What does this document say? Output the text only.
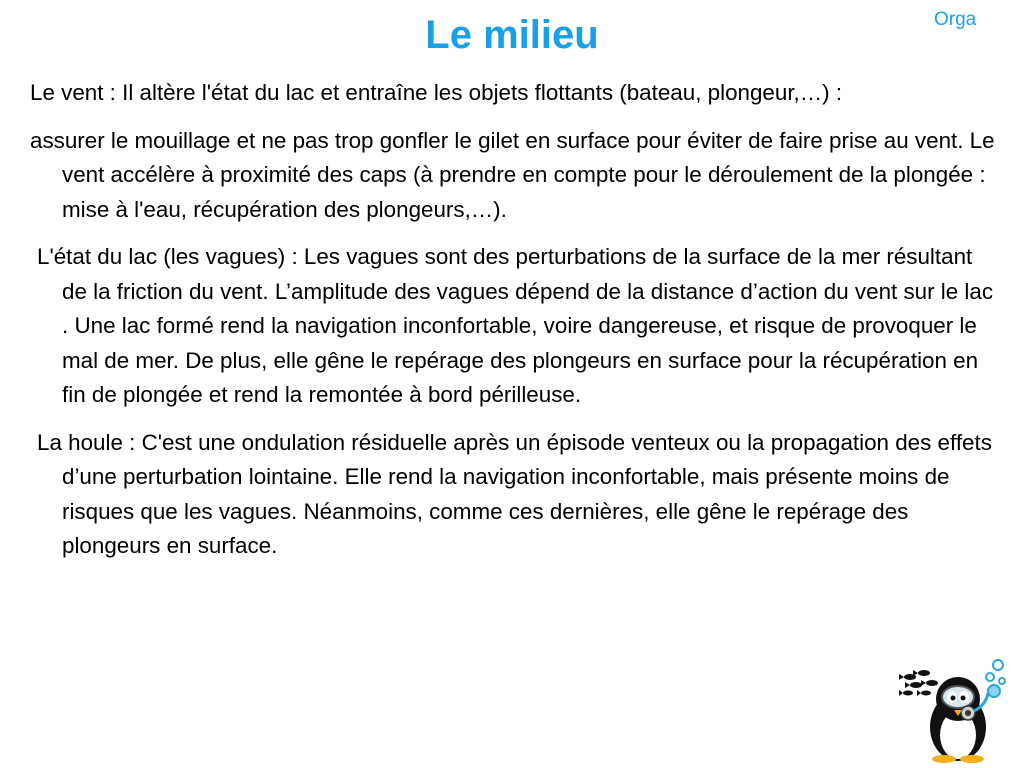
Le milieu	Orga

Le vent : Il altère l'état du lac et entraîne les objets flottants (bateau, plongeur,…) :

assurer le mouillage et ne pas trop gonfler le gilet en surface pour éviter de faire prise au vent. Le vent accélère à proximité des caps (à prendre en compte pour le déroulement de la plongée : mise à l'eau, récupération des plongeurs,…).

L'état du lac (les vagues) : Les vagues sont des perturbations de la surface de la mer résultant de la friction du vent. L’amplitude des vagues dépend de la distance d’action du vent sur le lac . Une lac formé rend la navigation inconfortable, voire dangereuse, et risque de provoquer le mal de mer. De plus, elle gêne le repérage des plongeurs en surface pour la récupération en fin de plongée et rend la remontée à bord périlleuse.

La houle : C'est une ondulation résiduelle après un épisode venteux ou la propagation des effets d’une perturbation lointaine. Elle rend la navigation inconfortable, mais présente moins de risques que les vagues. Néanmoins, comme ces dernières, elle gêne le repérage des plongeurs en surface.
